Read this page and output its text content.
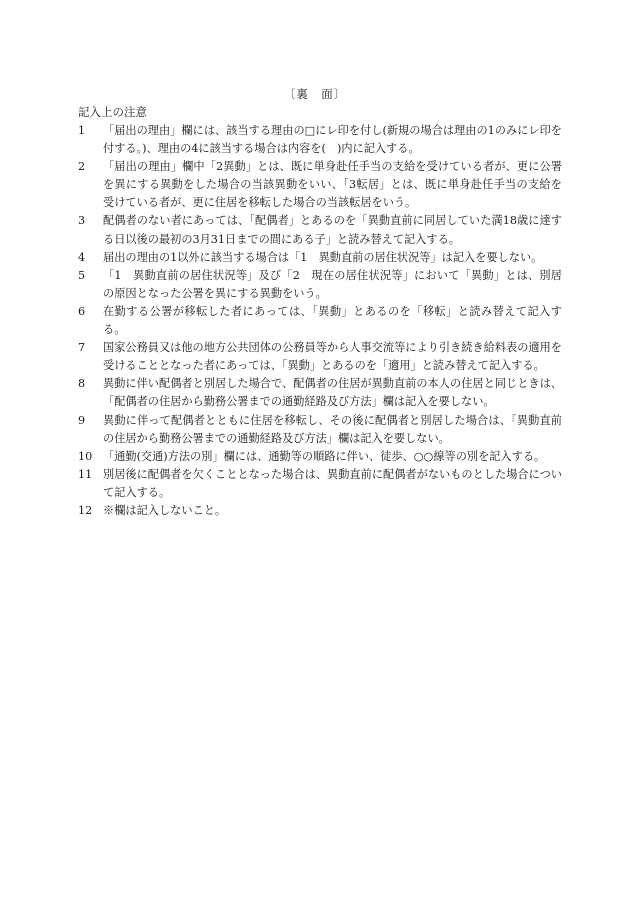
〔裏　面〕
記入上の注意
1	「届出の理由」欄には、該当する理由の□にレ印を付し(新規の場合は理由の1のみにレ印を付する。)、理由の4に該当する場合は内容を(　)内に記入する。
2	「届出の理由」欄中「2異動」とは、既に単身赴任手当の支給を受けている者が、更に公署を異にする異動をした場合の当該異動をいい、「3転居」とは、既に単身赴任手当の支給を受けている者が、更に住居を移転した場合の当該転居をいう。
3	配偶者のない者にあっては、「配偶者」とあるのを「異動直前に同居していた満18歳に達する日以後の最初の3月31日までの間にある子」と読み替えて記入する。
4	届出の理由の1以外に該当する場合は「1　異動直前の居住状況等」は記入を要しない。
5	「1　異動直前の居住状況等」及び「2　現在の居住状況等」において「異動」とは、別居の原因となった公署を異にする異動をいう。
6	在勤する公署が移転した者にあっては、「異動」とあるのを「移転」と読み替えて記入する。
7	国家公務員又は他の地方公共団体の公務員等から人事交流等により引き続き給料表の適用を受けることとなった者にあっては、「異動」とあるのを「適用」と読み替えて記入する。
8	異動に伴い配偶者と別居した場合で、配偶者の住居が異動直前の本人の住居と同じときは、「配偶者の住居から勤務公署までの通勤経路及び方法」欄は記入を要しない。
9	異動に伴って配偶者とともに住居を移転し、その後に配偶者と別居した場合は、「異動直前の住居から勤務公署までの通勤経路及び方法」欄は記入を要しない。
10 「通勤(交通)方法の別」欄には、通勤等の順路に伴い、徒歩、○○線等の別を記入する。
11 別居後に配偶者を欠くこととなった場合は、異動直前に配偶者がないものとした場合について記入する。
12 ※欄は記入しないこと。
